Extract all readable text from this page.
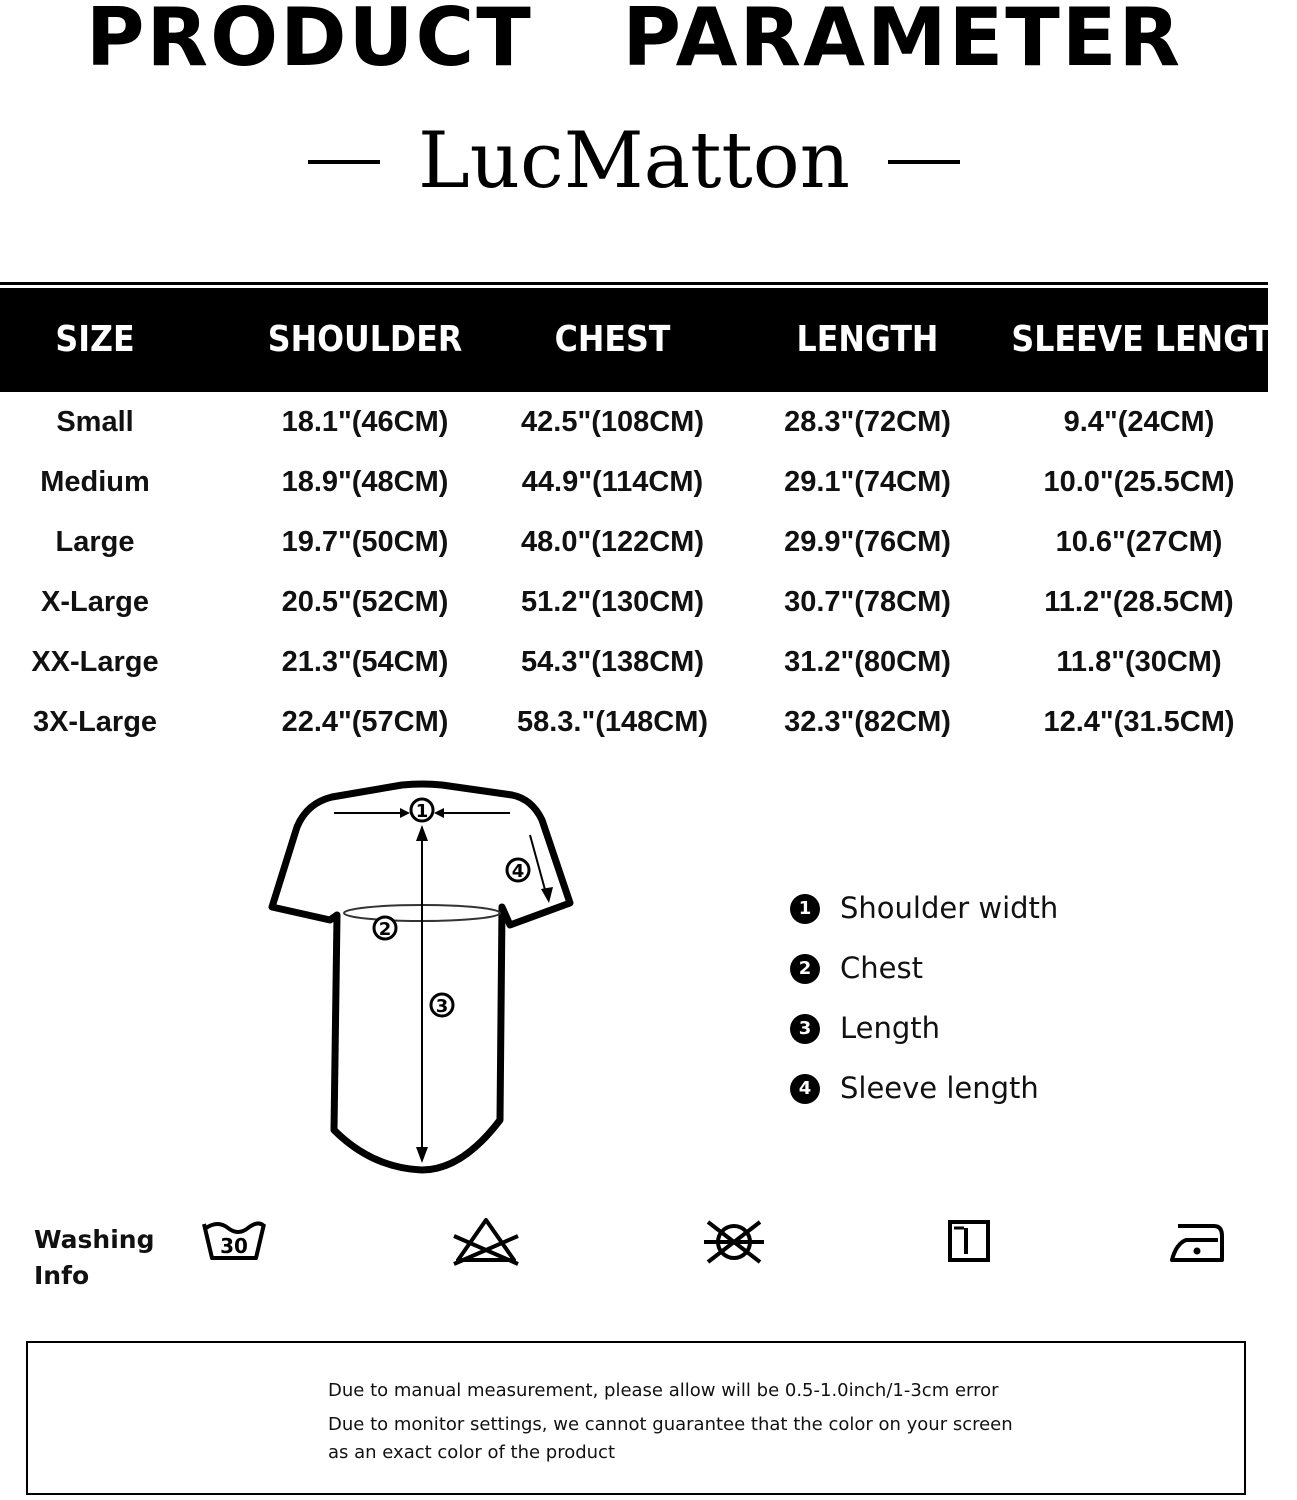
PRODUCT   PARAMETER
LucMatton
SIZE	SHOULDER	CHEST	LENGTH	SLEEVE LENGTH
Small	18.1"(46CM)	42.5"(108CM)	28.3"(72CM)	9.4"(24CM)
Medium	18.9"(48CM)	44.9"(114CM)	29.1"(74CM)	10.0"(25.5CM)
Large	19.7"(50CM)	48.0"(122CM)	29.9"(76CM)	10.6"(27CM)
X-Large	20.5"(52CM)	51.2"(130CM)	30.7"(78CM)	11.2"(28.5CM)
XX-Large	21.3"(54CM)	54.3"(138CM)	31.2"(80CM)	11.8"(30CM)
3X-Large	22.4"(57CM)	58.3."(148CM)	32.3"(82CM)	12.4"(31.5CM)
1
2
3
4
1 Shoulder width
2 Chest
3 Length
4 Sleeve length
Washing
Info
30
Due to manual measurement, please allow will be 0.5-1.0inch/1-3cm error
Due to monitor settings, we cannot guarantee that the color on your screen
as an exact color of the product
